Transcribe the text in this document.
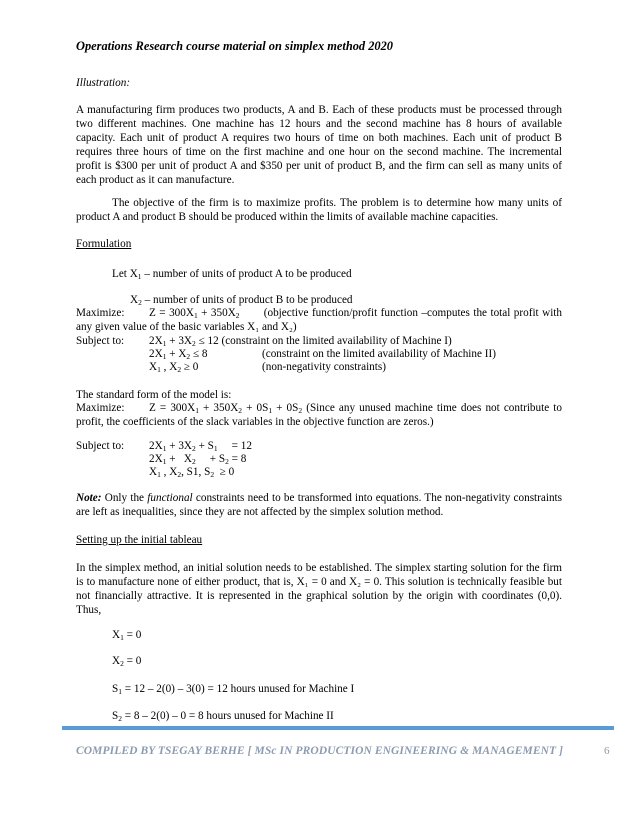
Operations Research course material on simplex method 2020
Illustration:
A manufacturing firm produces two products, A and B. Each of these products must be processed through two different machines. One machine has 12 hours and the second machine has 8 hours of available capacity. Each unit of product A requires two hours of time on both machines. Each unit of product B requires three hours of time on the first machine and one hour on the second machine. The incremental profit is $300 per unit of product A and $350 per unit of product B, and the firm can sell as many units of each product as it can manufacture.
The objective of the firm is to maximize profits. The problem is to determine how many units of product A and product B should be produced within the limits of available machine capacities.
Formulation
Let $X_1$ – number of units of product A to be produced
$X_2$ – number of units of product B to be produced
Maximize:	$Z = 300X_1 + 350X_2$ (objective function/profit function –computes the total profit with any given value of the basic variables X₁ and X₂)
Subject to: $2X_1 + 3X_2 \le 12$ (constraint on the limited availability of Machine I)
$2X_1 + X_2 \le 8$	(constraint on the limited availability of Machine II)
$X_1$ , $X_2 \ge 0$	(non-negativity constraints)
The standard form of the model is:
Maximize:	$Z = 300X_1 + 350X_2 + 0S_1 + 0S_2$ (Since any unused machine time does not contribute to profit, the coefficients of the slack variables in the objective function are zeros.)
Subject to: $2X_1 + 3X_2 + S_1$     = 12
$2X_1 + X_2$     + $S_2 = 8$
$X_1$ , $X_2$, S1, $S_2 \ge 0$
Note: Only the functional constraints need to be transformed into equations. The non-negativity constraints are left as inequalities, since they are not affected by the simplex solution method.
Setting up the initial tableau
In the simplex method, an initial solution needs to be established. The simplex starting solution for the firm is to manufacture none of either product, that is, X₁ = 0 and X₂ = 0. This solution is technically feasible but not financially attractive. It is represented in the graphical solution by the origin with coordinates (0,0). Thus,
$X_1 = 0$
$X_2 = 0$
$S_1 = 12 - 2(0) - 3(0) = 12$ hours unused for Machine I
$S_2 = 8 - 2(0) - 0 = 8$ hours unused for Machine II
COMPILED BY TSEGAY BERHE [ MSc IN PRODUCTION ENGINEERING & MANAGEMENT ]	6
